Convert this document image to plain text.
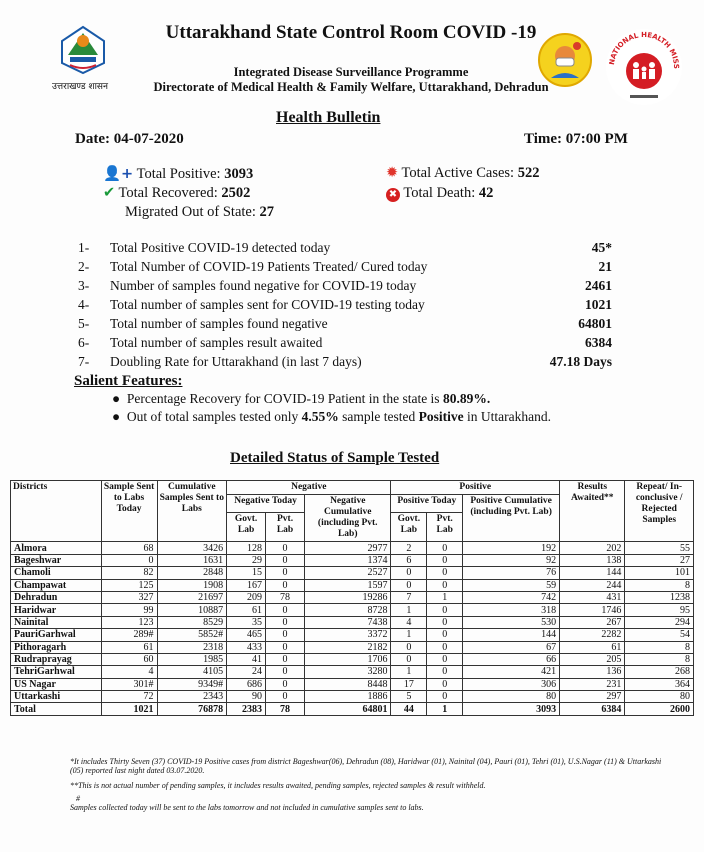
उत्तराखण्ड शासन
Uttarakhand State Control Room COVID -19
Integrated Disease Surveillance Programme
Directorate of Medical Health & Family Welfare, Uttarakhand, Dehradun
NATIONAL HEALTH MISS
Health Bulletin
Date: 04-07-2020	Time: 07:00 PM
👤+ Total Positive: 3093
✔ Total Recovered: 2502
Migrated Out of State: 27
✹ Total Active Cases: 522
✖ Total Death: 42
1- Total Positive COVID-19 detected today	45*
2- Total Number of COVID-19 Patients Treated/ Cured today	21
3- Number of samples found negative for COVID-19 today	2461
4- Total number of samples sent for COVID-19 testing today	1021
5- Total number of samples found negative	64801
6- Total number of samples result awaited	6384
7- Doubling Rate for Uttarakhand (in last 7 days)	47.18 Days
Salient Features:
●  Percentage Recovery for COVID-19 Patient in the state is 80.89%.
●  Out of total samples tested only 4.55% sample tested Positive in Uttarakhand.
Detailed Status of Sample Tested
Districts	Sample Sent to Labs Today	Cumulative Samples Sent to Labs	Negative			Positive			Results Awaited**	Repeat/ In-conclusive / Rejected Samples
			Negative Today		Negative Cumulative (including Pvt. Lab)	Positive Today		Positive Cumulative (including Pvt. Lab)		
			Govt. Lab	Pvt. Lab		Govt. Lab	Pvt. Lab			
Almora	68	3426	128	0	2977	2	0	192	202	55
Bageshwar	0	1631	29	0	1374	6	0	92	138	27
Chamoli	82	2848	15	0	2527	0	0	76	144	101
Champawat	125	1908	167	0	1597	0	0	59	244	8
Dehradun	327	21697	209	78	19286	7	1	742	431	1238
Haridwar	99	10887	61	0	8728	1	0	318	1746	95
Nainital	123	8529	35	0	7438	4	0	530	267	294
PauriGarhwal	289#	5852#	465	0	3372	1	0	144	2282	54
Pithoragarh	61	2318	433	0	2182	0	0	67	61	8
Rudraprayag	60	1985	41	0	1706	0	0	66	205	8
TehriGarhwal	4	4105	24	0	3280	1	0	421	136	268
US Nagar	301#	9349#	686	0	8448	17	0	306	231	364
Uttarkashi	72	2343	90	0	1886	5	0	80	297	80
Total	1021	76878	2383	78	64801	44	1	3093	6384	2600
*It includes Thirty Seven (37) COVID-19 Positive cases from district Bageshwar(06), Dehradun (08), Haridwar (01), Nainital (04), Pauri (01), Tehri (01), U.S.Nagar (11) & Uttarkashi (05) reported last night dated 03.07.2020.
**This is not actual number of pending samples, it includes results awaited, pending samples, rejected samples & result withheld.
#
Samples collected today will be sent to the labs tomorrow and not included in cumulative samples sent to labs.
